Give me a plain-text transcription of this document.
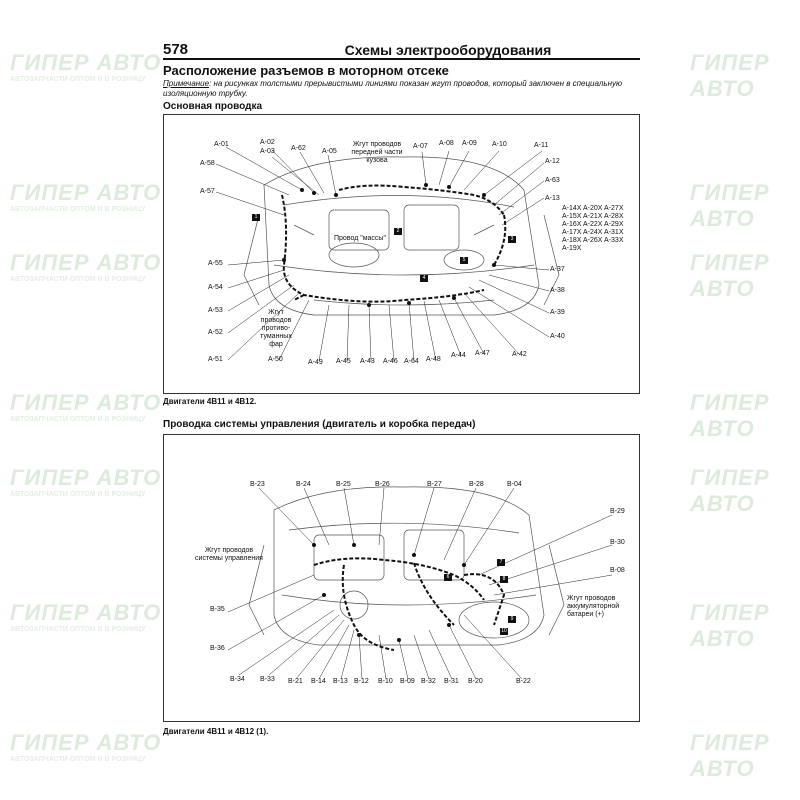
ГИПЕР АВТО
АВТОЗАПЧАСТИ ОПТОМ И В РОЗНИЦУ
ГИПЕР АВТО
ГИПЕР АВТО
АВТОЗАПЧАСТИ ОПТОМ И В РОЗНИЦУ
ГИПЕР АВТО
ГИПЕР АВТО
АВТОЗАПЧАСТИ ОПТОМ И В РОЗНИЦУ
ГИПЕР АВТО
ГИПЕР АВТО
АВТОЗАПЧАСТИ ОПТОМ И В РОЗНИЦУ
ГИПЕР АВТО
ГИПЕР АВТО
АВТОЗАПЧАСТИ ОПТОМ И В РОЗНИЦУ
ГИПЕР АВТО
ГИПЕР АВТО
АВТОЗАПЧАСТИ ОПТОМ И В РОЗНИЦУ
ГИПЕР АВТО
ГИПЕР АВТО
АВТОЗАПЧАСТИ ОПТОМ И В РОЗНИЦУ
ГИПЕР АВТО
578	Схемы электрооборудования
Расположение разъемов в моторном отсеке
Примечание: на рисунках толстыми прерывистыми линиями показан жгут проводов, который заключен в специальную изоляционную трубку.
Основная проводка
A-01	A-02
A-03 A-62 A-05
Жгут проводов передней части кузова
A-07 A-08 A-09 A-10	A-11
A-58	A-12
A-63
A-57
A-13
A-14X A-20X A-27X
A-15X A-21X A-28X
A-16X A-22X A-29X
A-17X A-24X A-31X
A-18X A-26X A-33X
A-19X
Провод "массы"
A-55
A-37
A-54	A-38
A-53	A-39
Жгут проводов противо-туманных фар
A-52
A-40
A-51	A-50	A-49 A-45 A-43 A-46 A-64 A-48
A-44 A-47	A-42
1
2
3
4
5
Двигатели 4B11 и 4B12.
Проводка системы управления (двигатель и коробка передач)
B-23	B-24	B-25	B-26	B-27	B-28	B-04
B-29
B-30
B-08
Жгут проводов системы управления
Жгут проводов аккумуляторной батареи (+)
B-35
B-36
B-34 B-33 B-21 B-14 B-13 B-12 B-10 B-09 B-32 B-31 B-20	B-22
6
7
8
9
10
Двигатели 4B11 и 4B12 (1).
